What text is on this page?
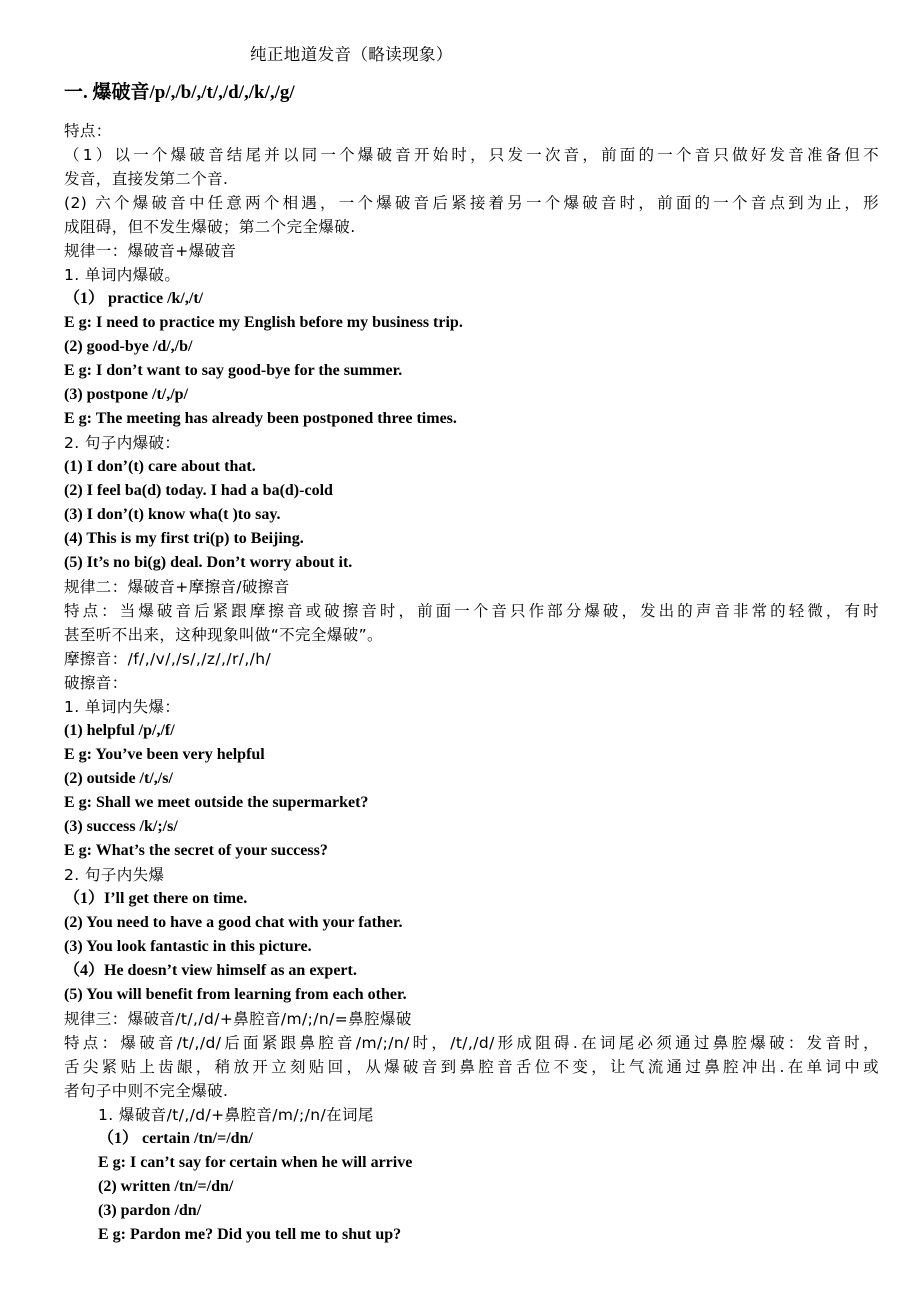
纯正地道发音（略读现象）
一. 爆破音/p/,/b/,/t/,/d/,/k/,/g/
特点：
（1）以一个爆破音结尾并以同一个爆破音开始时，只发一次音，前面的一个音只做好发音准备但不
发音，直接发第二个音.
(2) 六个爆破音中任意两个相遇，一个爆破音后紧接着另一个爆破音时，前面的一个音点到为止，形
成阻碍，但不发生爆破；第二个完全爆破.
规律一：爆破音+爆破音
1. 单词内爆破。
（1） practice /k/,/t/
E g: I need to practice my English before my business trip.
(2) good-bye /d/,/b/
E g: I don’t want to say good-bye for the summer.
(3) postpone /t/,/p/
E g: The meeting has already been postponed three times.
2. 句子内爆破：
(1) I don’(t) care about that.
(2) I feel ba(d) today. I had a ba(d)-cold
(3) I don’(t) know wha(t )to say.
(4) This is my first tri(p) to Beijing.
(5) It’s no bi(g) deal. Don’t worry about it.
规律二：爆破音+摩擦音/破擦音
特点：当爆破音后紧跟摩擦音或破擦音时，前面一个音只作部分爆破，发出的声音非常的轻微，有时
甚至听不出来，这种现象叫做“不完全爆破”。
摩擦音：/f/,/v/,/s/,/z/,/r/,/h/
破擦音：
1. 单词内失爆：
(1) helpful /p/,/f/
E g: You’ve been very helpful
(2) outside /t/,/s/
E g: Shall we meet outside the supermarket?
(3) success /k/;/s/
E g: What’s the secret of your success?
2. 句子内失爆
（1）I’ll get there on time.
(2) You need to have a good chat with your father.
(3) You look fantastic in this picture.
（4）He doesn’t view himself as an expert.
(5) You will benefit from learning from each other.
规律三：爆破音/t/,/d/+鼻腔音/m/;/n/=鼻腔爆破
特点：爆破音/t/,/d/后面紧跟鼻腔音/m/;/n/时，/t/,/d/形成阻碍.在词尾必须通过鼻腔爆破：发音时，
舌尖紧贴上齿龈，稍放开立刻贴回，从爆破音到鼻腔音舌位不变，让气流通过鼻腔冲出.在单词中或
者句子中则不完全爆破.
1. 爆破音/t/,/d/+鼻腔音/m/;/n/在词尾
（1） certain /tn/=/dn/
E g: I can’t say for certain when he will arrive
(2) written /tn/=/dn/
(3) pardon /dn/
E g: Pardon me? Did you tell me to shut up?
